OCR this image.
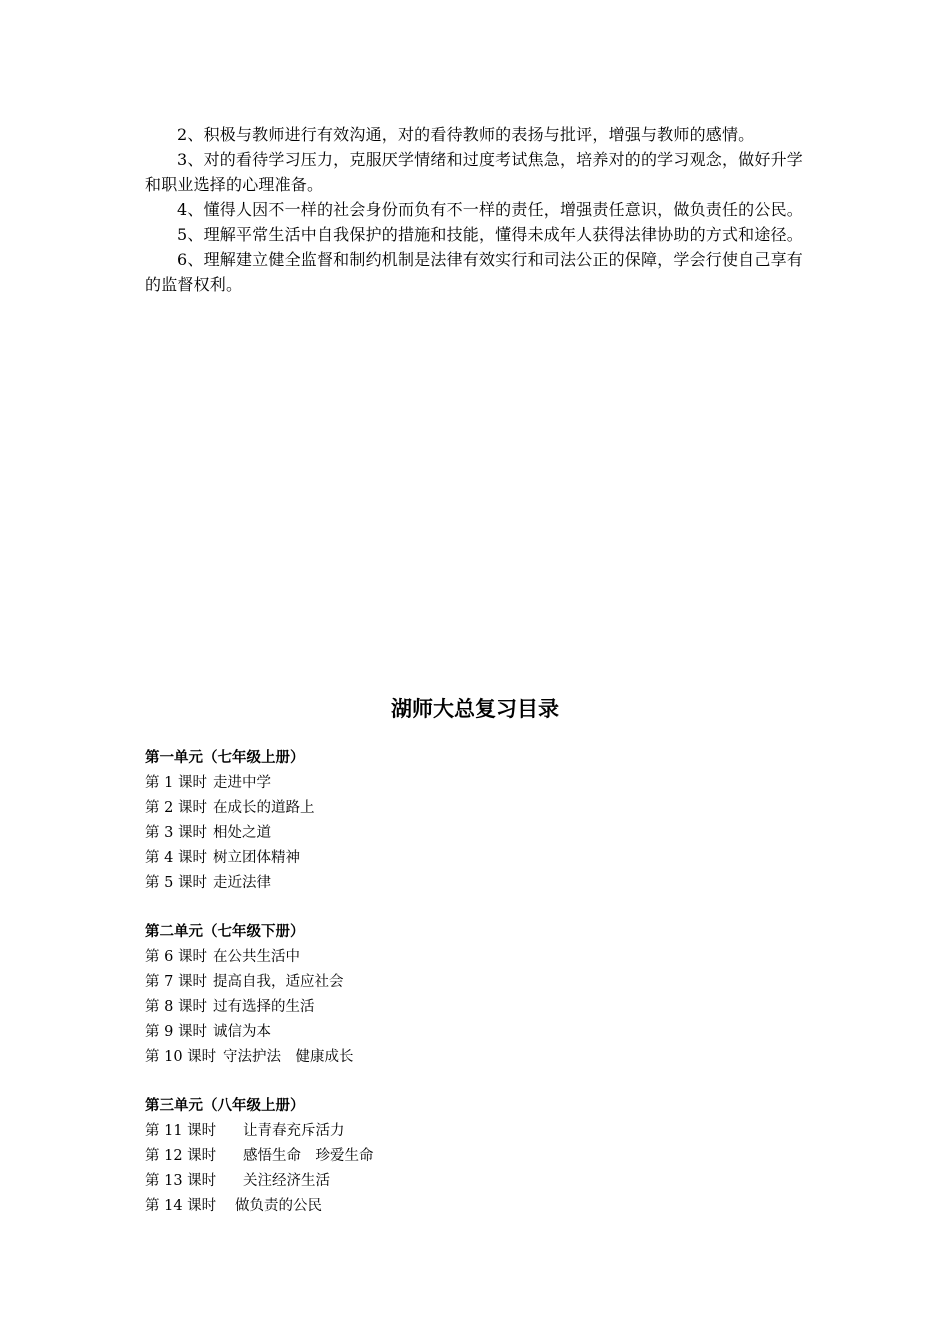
2、积极与教师进行有效沟通，对的看待教师的表扬与批评，增强与教师的感情。

3、对的看待学习压力，克服厌学情绪和过度考试焦急，培养对的的学习观念，做好升学和职业选择的心理准备。

4、懂得人因不一样的社会身份而负有不一样的责任，增强责任意识，做负责任的公民。

5、理解平常生活中自我保护的措施和技能，懂得未成年人获得法律协助的方式和途径。

6、理解建立健全监督和制约机制是法律有效实行和司法公正的保障，学会行使自己享有的监督权利。

湖师大总复习目录

第一单元（七年级上册）

第 1 课时 走进中学

第 2 课时 在成长的道路上

第 3 课时 相处之道

第 4 课时 树立团体精神

第 5 课时 走近法律

第二单元（七年级下册）

第 6 课时 在公共生活中

第 7 课时 提高自我，适应社会

第 8 课时 过有选择的生活

第 9 课时 诚信为本

第 10 课时 守法护法　健康成长

第三单元（八年级上册）

第 11 课时	让青春充斥活力

第 12 课时	感悟生命　珍爱生命

第 13 课时	关注经济生活

第 14 课时	做负责的公民
